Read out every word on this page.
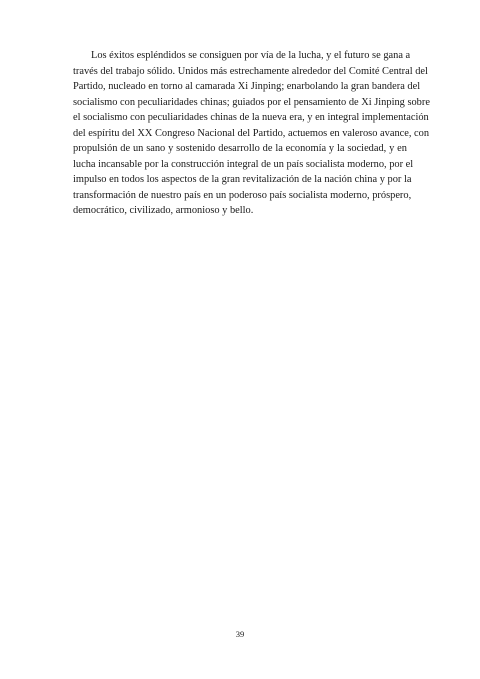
Los éxitos espléndidos se consiguen por vía de la lucha, y el futuro se gana a
través del trabajo sólido. Unidos más estrechamente alrededor del Comité Central del
Partido, nucleado en torno al camarada Xi Jinping; enarbolando la gran bandera del
socialismo con peculiaridades chinas; guiados por el pensamiento de Xi Jinping sobre
el socialismo con peculiaridades chinas de la nueva era, y en integral implementación
del espíritu del XX Congreso Nacional del Partido, actuemos en valeroso avance, con
propulsión de un sano y sostenido desarrollo de la economía y la sociedad, y en
lucha incansable por la construcción integral de un país socialista moderno, por el
impulso en todos los aspectos de la gran revitalización de la nación china y por la
transformación de nuestro país en un poderoso país socialista moderno, próspero,
democrático, civilizado, armonioso y bello.
39
